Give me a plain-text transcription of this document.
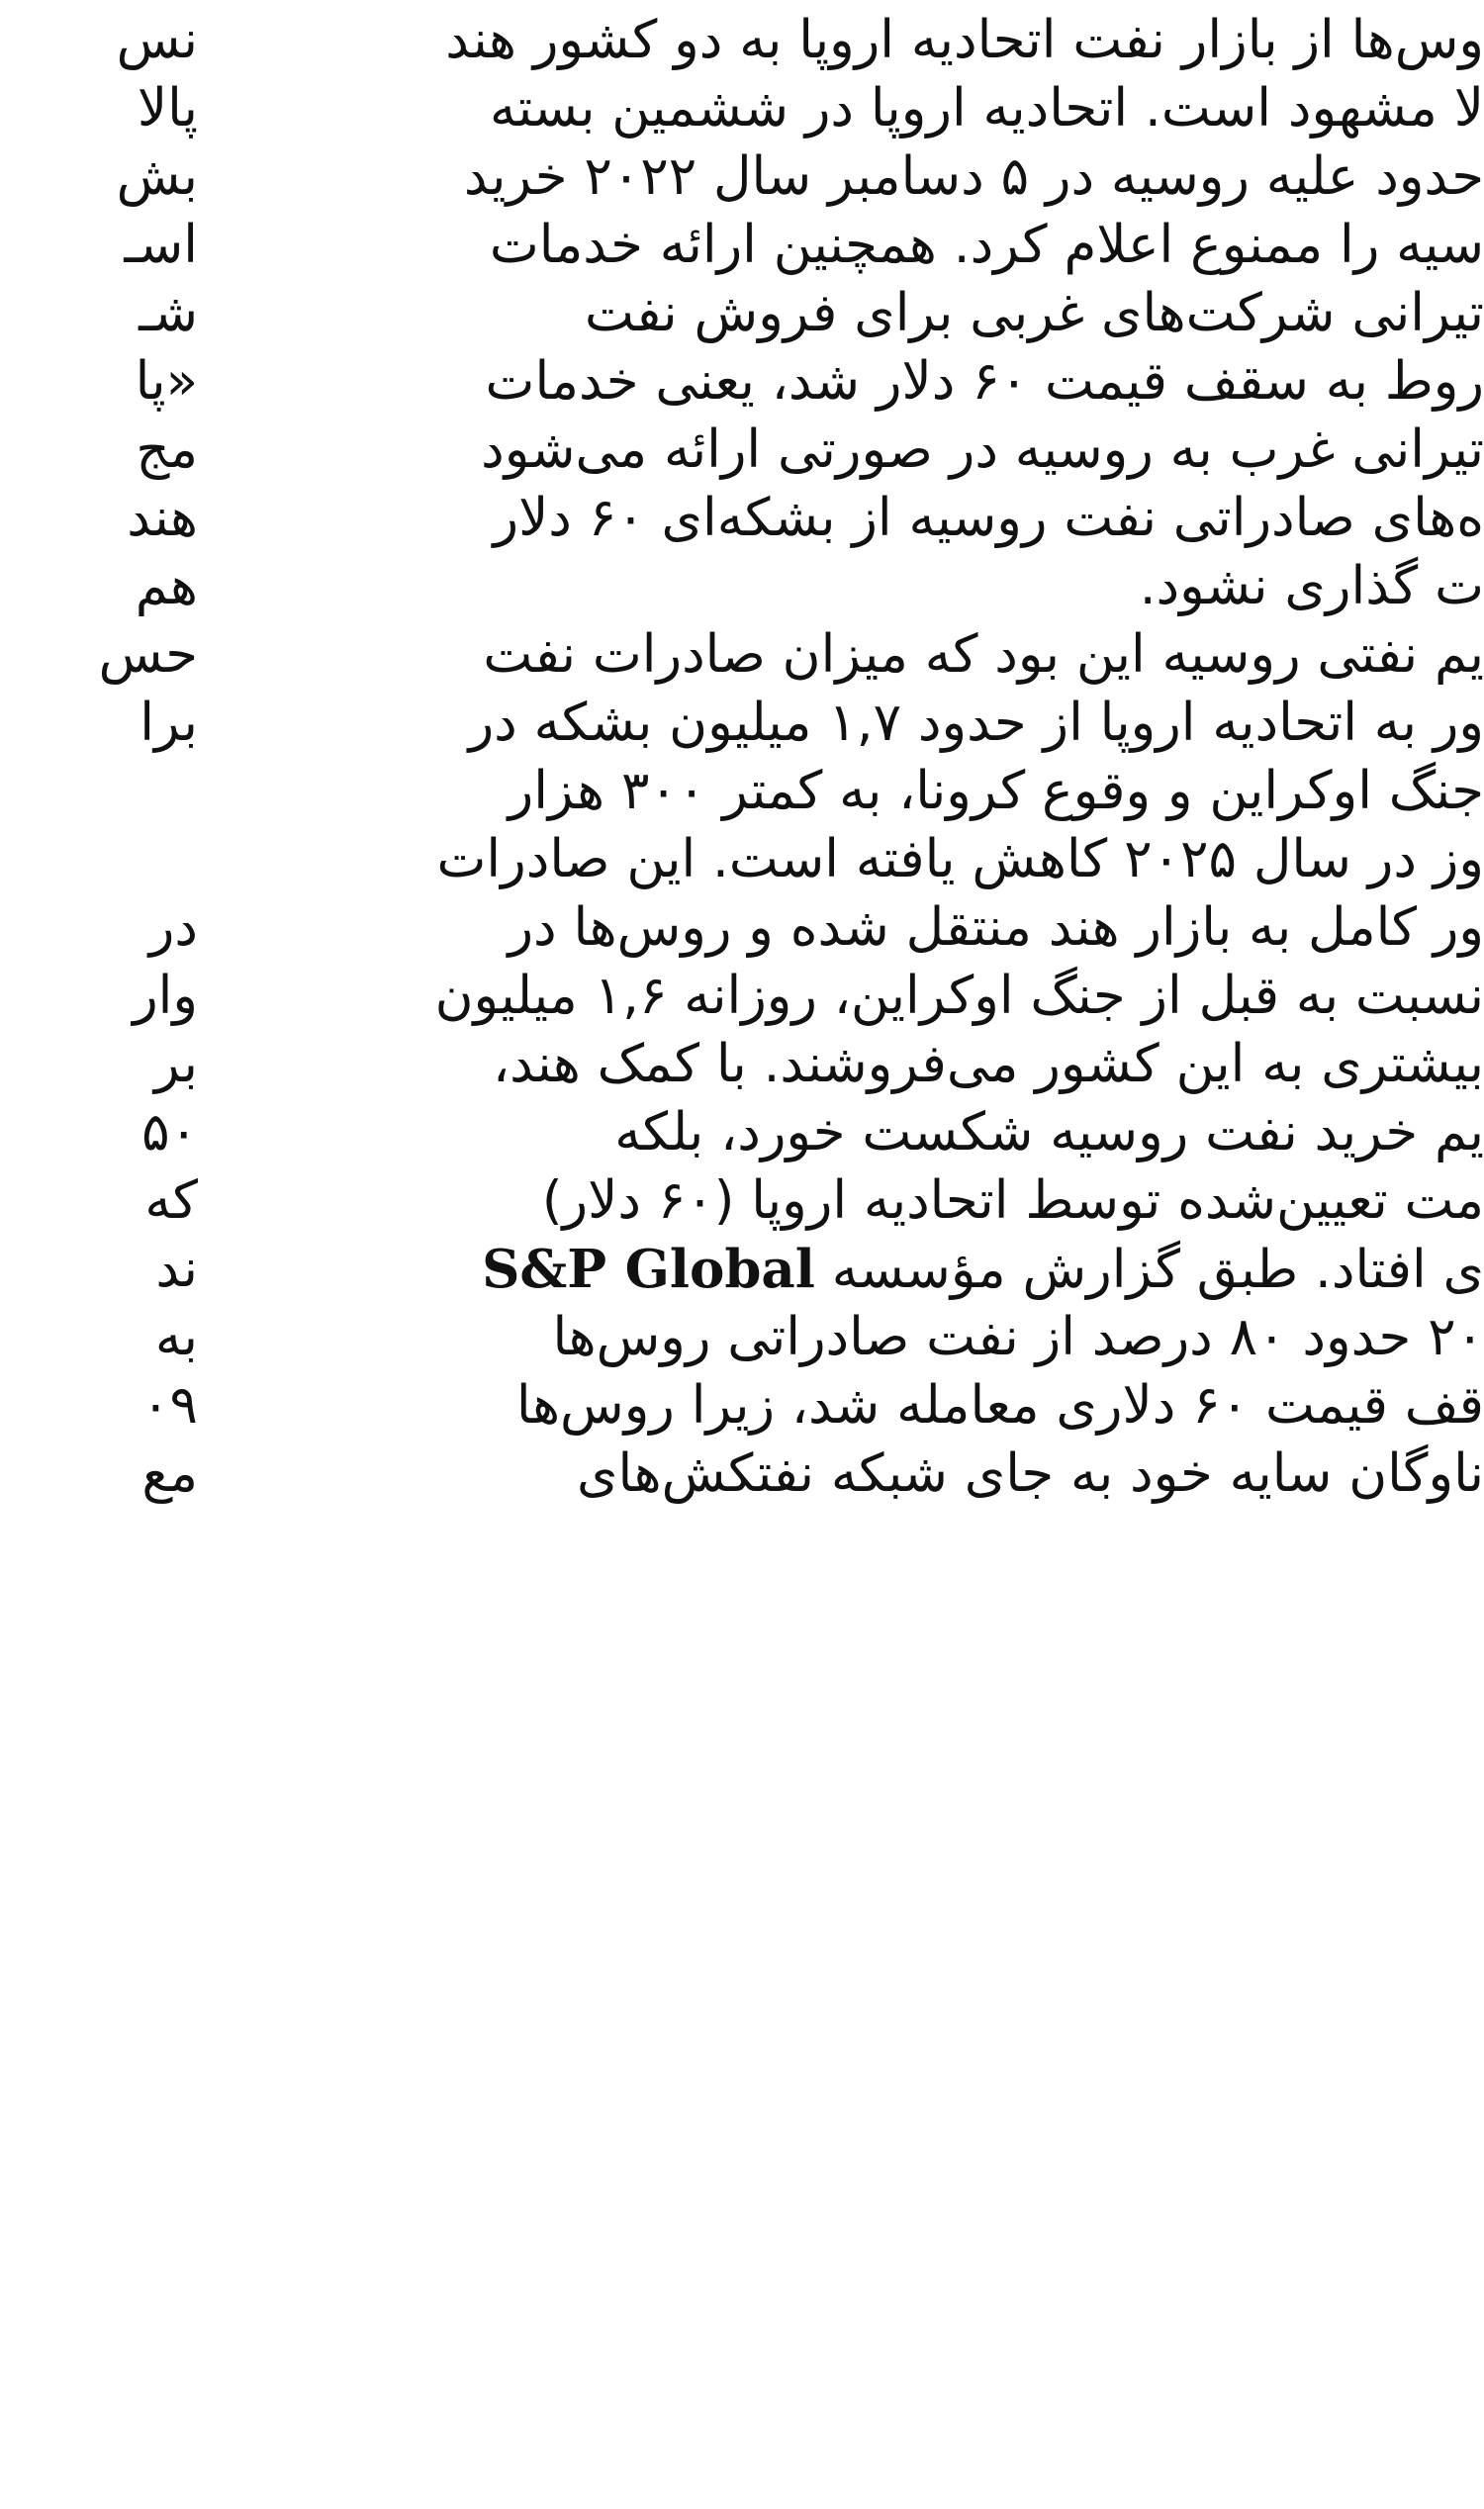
وس‌ها از بازار نفت اتحادیه اروپا به دو کشور هند
لا مشهود است. اتحادیه اروپا در ششمین بسته
حدود علیه روسیه در ۵ دسامبر سال ۲۰۲۲ خرید
سیه را ممنوع اعلام کرد. همچنین ارائه خدمات
تیرانی شرکت‌های غربی برای فروش نفت
روط به سقف قیمت ۶۰ دلار شد، یعنی خدمات
تیرانی غرب به روسیه در صورتی ارائه می‌شود
ه‌های صادراتی نفت روسیه از بشکه‌ای ۶۰ دلار
ت گذاری نشود.
یم نفتی روسیه این بود که میزان صادرات نفت
ور به اتحادیه اروپا از حدود ۱,۷ میلیون بشکه در
جنگ اوکراین و وقوع کرونا، به کمتر ۳۰۰ هزار
وز در سال ۲۰۲۵ کاهش یافته است. این صادرات
ور کامل به بازار هند منتقل شده و روس‌ها در
نسبت به قبل از جنگ اوکراین، روزانه ۱,۶ میلیون
بیشتری به این کشور می‌فروشند. با کمک هند،
یم خرید نفت روسیه شکست خورد، بلکه
مت تعیین‌شده توسط اتحادیه اروپا (۶۰ دلار)
ی افتاد. طبق گزارش مؤسسه S&P Global
۲۰ حدود ۸۰ درصد از نفت صادراتی روس‌ها
قف قیمت ۶۰ دلاری معامله شد، زیرا روس‌ها
ناوگان سایه خود به جای شبکه نفتکش‌های
نس
پالا
بش
اسـ
شـ
«پا
مج
هند
هم
حس
برا
در
وار
بر
۵۰
که
ند
به
۰۹
مع
